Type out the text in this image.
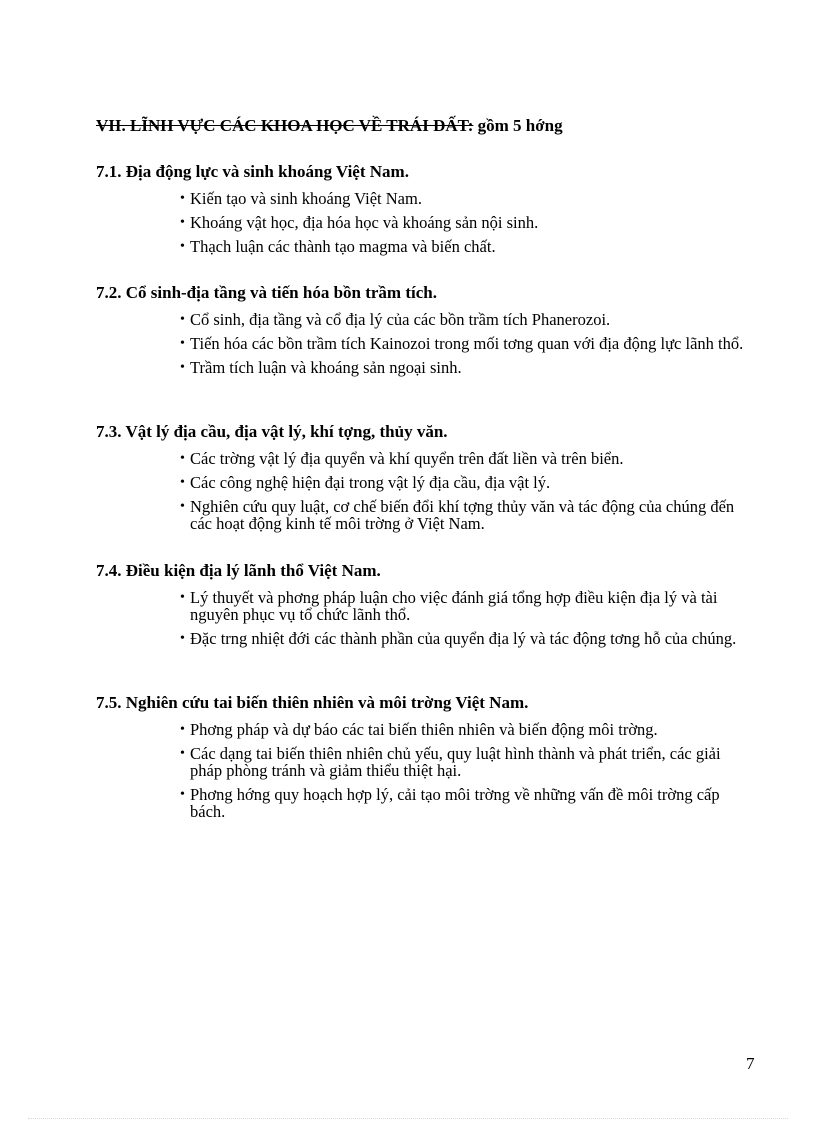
VII. LĨNH VỰC CÁC KHOA HỌC VỀ TRÁI ĐẤT: gồm 5 hớng

7.1. Địa động lực và sinh khoáng Việt Nam.

• Kiến tạo và sinh khoáng Việt Nam.
• Khoáng vật học, địa hóa học và khoáng sản nội sinh.
• Thạch luận các thành tạo magma và biến chất.

7.2. Cổ sinh-địa tầng và tiến hóa bồn trầm tích.

• Cổ sinh, địa tầng và cổ địa lý của các bồn trầm tích Phanerozoi.
• Tiến hóa các bồn trầm tích Kainozoi trong mối tơng quan với địa động lực lãnh thổ.
• Trầm tích luận và khoáng sản ngoại sinh.

7.3. Vật lý địa cầu, địa vật lý, khí tợng, thủy văn.

• Các trờng vật lý địa quyển và khí quyển trên đất liền và trên biển.
• Các công nghệ hiện đại trong vật lý địa cầu, địa vật lý.
• Nghiên cứu quy luật, cơ chế biến đổi khí tợng thủy văn và tác động của chúng đến các hoạt động kinh tế môi trờng ở Việt Nam.

7.4. Điều kiện địa lý lãnh thổ Việt Nam.

• Lý thuyết và phơng pháp luận cho việc đánh giá tổng hợp điều kiện địa lý và tài nguyên phục vụ tổ chức lãnh thổ.
• Đặc trng nhiệt đới các thành phần của quyển địa lý và tác động tơng hỗ của chúng.

7.5. Nghiên cứu tai biến thiên nhiên và môi trờng Việt Nam.

• Phơng pháp và dự báo các tai biến thiên nhiên và biến động môi trờng.
• Các dạng tai biến thiên nhiên chủ yếu, quy luật hình thành và phát triển, các giải pháp phòng tránh và giảm thiểu thiệt hại.
• Phơng hớng quy hoạch hợp lý, cải tạo môi trờng về những vấn đề môi trờng cấp bách.
7
